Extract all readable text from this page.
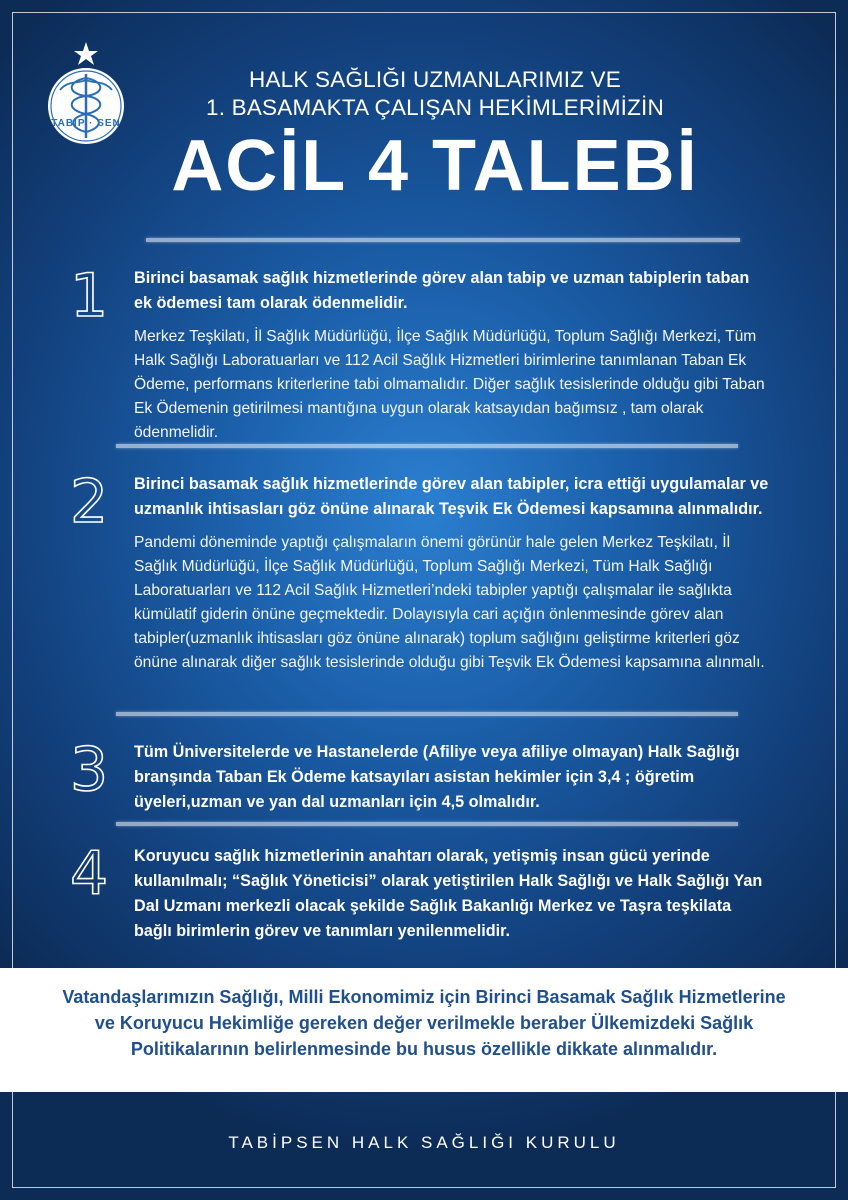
TABİP · SEN
HALK SAĞLIĞI UZMANLARIMIZ VE
1. BASAMAKTA ÇALIŞAN HEKİMLERİMİZİN
ACİL 4 TALEBİ
1	Birinci basamak sağlık hizmetlerinde görev alan tabip ve uzman tabiplerin taban ek ödemesi tam olarak ödenmelidir.
Merkez Teşkilatı, İl Sağlık Müdürlüğü, İlçe Sağlık Müdürlüğü, Toplum Sağlığı Merkezi, Tüm Halk Sağlığı Laboratuarları ve 112 Acil Sağlık Hizmetleri birimlerine tanımlanan Taban Ek Ödeme, performans kriterlerine tabi olmamalıdır. Diğer sağlık tesislerinde olduğu gibi Taban Ek Ödemenin getirilmesi mantığına uygun olarak katsayıdan bağımsız , tam olarak ödenmelidir.
2	Birinci basamak sağlık hizmetlerinde görev alan tabipler, icra ettiği uygulamalar ve uzmanlık ihtisasları göz önüne alınarak Teşvik Ek Ödemesi kapsamına alınmalıdır.
Pandemi döneminde yaptığı çalışmaların önemi görünür hale gelen Merkez Teşkilatı, İl Sağlık Müdürlüğü, İlçe Sağlık Müdürlüğü, Toplum Sağlığı Merkezi, Tüm Halk Sağlığı Laboratuarları ve 112 Acil Sağlık Hizmetleri’ndeki tabipler yaptığı çalışmalar ile sağlıkta kümülatif giderin önüne geçmektedir. Dolayısıyla cari açığın önlenmesinde görev alan tabipler(uzmanlık ihtisasları göz önüne alınarak) toplum sağlığını geliştirme kriterleri göz önüne alınarak diğer sağlık tesislerinde olduğu gibi Teşvik Ek Ödemesi kapsamına alınmalı.
3	Tüm Üniversitelerde ve Hastanelerde (Afiliye veya afiliye olmayan) Halk Sağlığı branşında Taban Ek Ödeme katsayıları asistan hekimler için 3,4 ; öğretim üyeleri,uzman ve yan dal uzmanları için 4,5 olmalıdır.
4	Koruyucu sağlık hizmetlerinin anahtarı olarak, yetişmiş insan gücü yerinde kullanılmalı; “Sağlık Yöneticisi” olarak yetiştirilen Halk Sağlığı ve Halk Sağlığı Yan Dal Uzmanı merkezli olacak şekilde Sağlık Bakanlığı Merkez ve Taşra teşkilata bağlı birimlerin görev ve tanımları yenilenmelidir.
Vatandaşlarımızın Sağlığı, Milli Ekonomimiz için Birinci Basamak Sağlık Hizmetlerine ve Koruyucu Hekimliğe gereken değer verilmekle beraber Ülkemizdeki Sağlık Politikalarının belirlenmesinde bu husus özellikle dikkate alınmalıdır.
TABİPSEN HALK SAĞLIĞI KURULU
